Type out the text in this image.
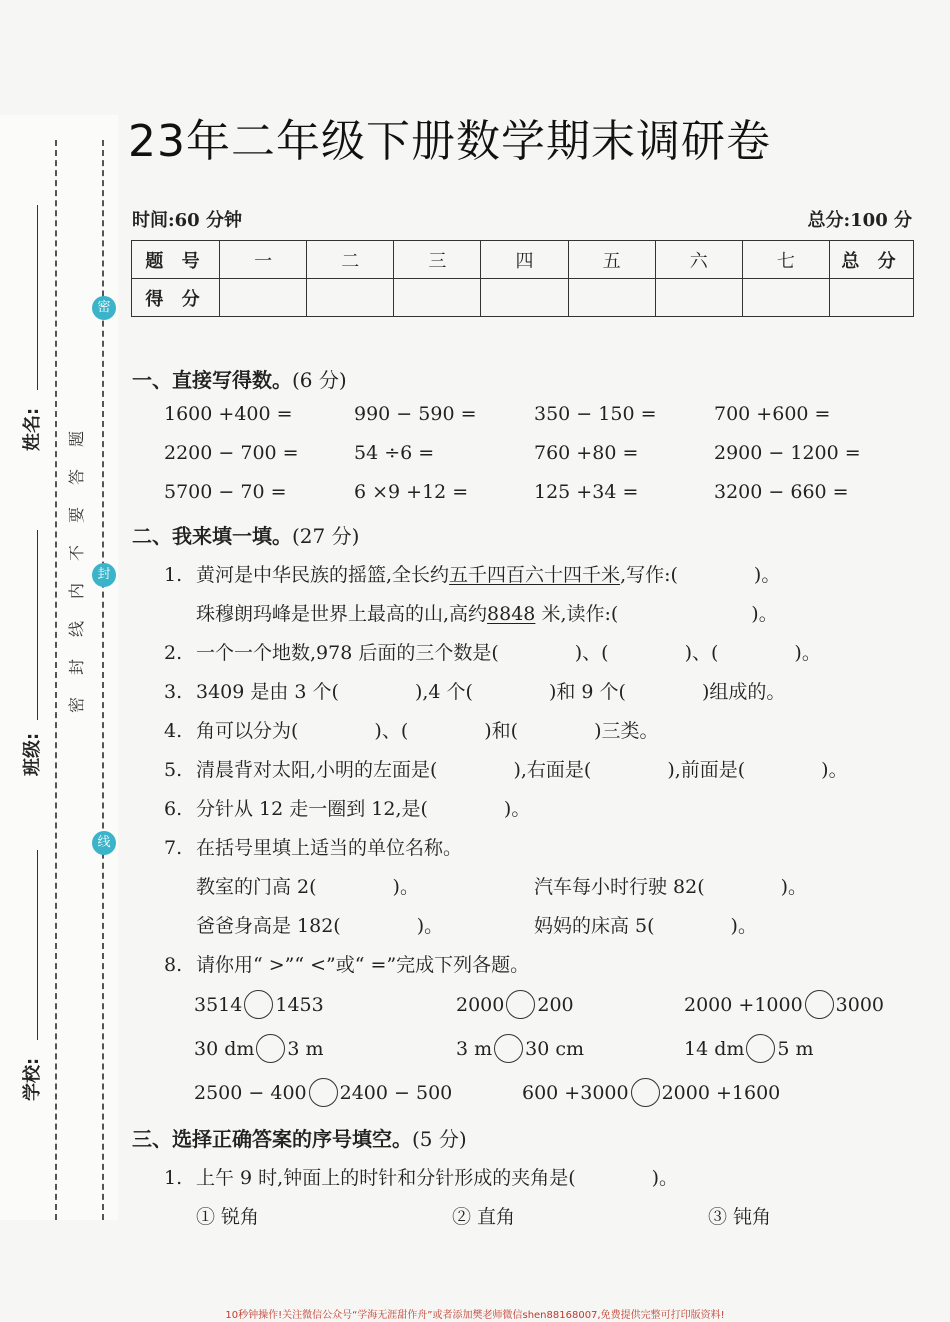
密
封
线
姓名:
班级:
学校:
题
答
要
不
内
线
封
密
23年二年级下册数学期末调研卷
时间:60 分钟	总分:100 分
题 号	一	二	三	四	五	六	七	总 分
得 分								
一、直接写得数。(6 分)
1600 +400 =	990 − 590 =	350 − 150 =	700 +600 =
2200 − 700 =	54 ÷6 =	760 +80 =	2900 − 1200 =
5700 − 70 =	6 ×9 +12 =	125 +34 =	3200 − 660 =
二、我来填一填。(27 分)
1. 黄河是中华民族的摇篮,全长约五千四百六十四千米,写作:(　　　　)。
珠穆朗玛峰是世界上最高的山,高约8848 米,读作:(　　　　　　　)。
2. 一个一个地数,978 后面的三个数是(　　　　)、(　　　　)、(　　　　)。
3. 3409 是由 3 个(　　　　),4 个(　　　　)和 9 个(　　　　)组成的。
4. 角可以分为(　　　　)、(　　　　)和(　　　　)三类。
5. 清晨背对太阳,小明的左面是(　　　　),右面是(　　　　),前面是(　　　　)。
6. 分针从 12 走一圈到 12,是(　　　　)。
7. 在括号里填上适当的单位名称。
教室的门高 2(　　　　)。	汽车每小时行驶 82(　　　　)。
爸爸身高是 182(　　　　)。	妈妈的床高 5(　　　　)。
8. 请你用“ >”“ <”或“ =”完成下列各题。
3514 1453	2000 200	2000 +1000 3000
30 dm 3 m	3 m 30 cm	14 dm 5 m
2500 − 400 2400 − 500	600 +3000 2000 +1600
三、选择正确答案的序号填空。(5 分)
1. 上午 9 时,钟面上的时针和分针形成的夹角是(　　　　)。
① 锐角	② 直角	③ 钝角
10秒钟操作!关注微信公众号“学海无涯甜作舟”或者添加樊老师微信shen88168007,免费提供完整可打印版资料!
